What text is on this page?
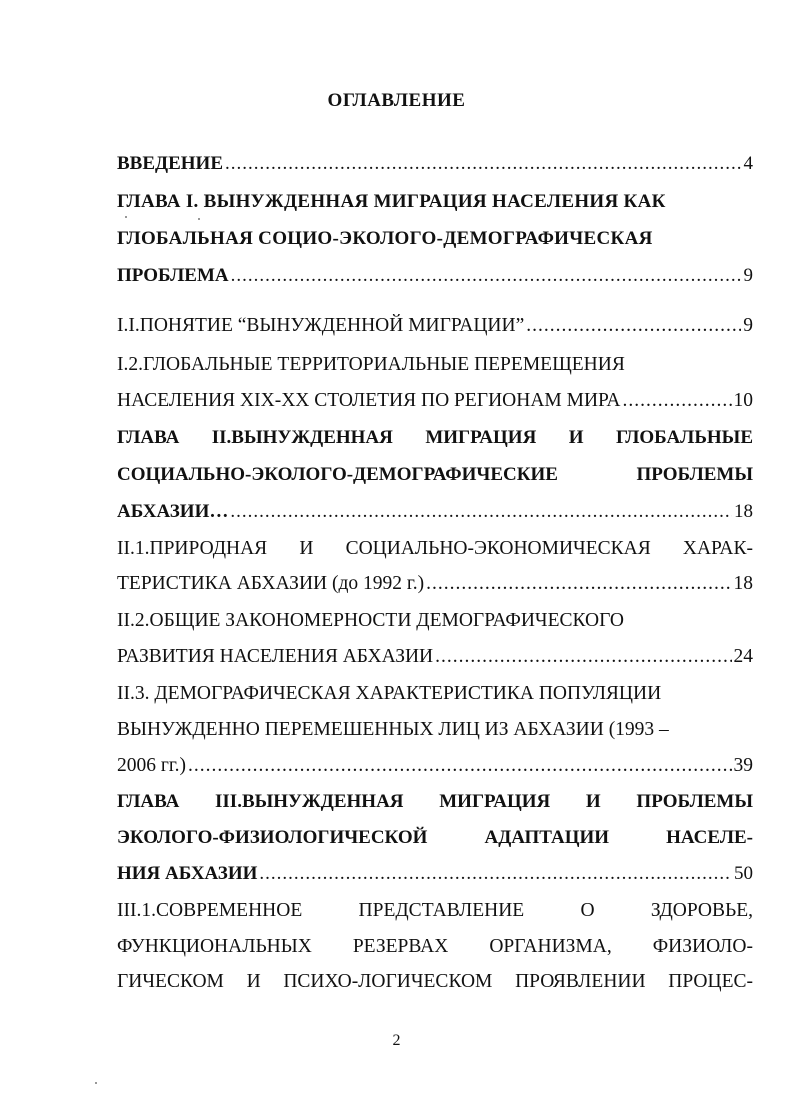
ОГЛАВЛЕНИЕ
ВВЕДЕНИЕ .....	4
ГЛАВА I. ВЫНУЖДЕННАЯ МИГРАЦИЯ НАСЕЛЕНИЯ КАК
ГЛОБАЛЬНАЯ СОЦИО-ЭКОЛОГО-ДЕМОГРАФИЧЕСКАЯ
ПРОБЛЕМА .....	9
I.I.ПОНЯТИЕ “ВЫНУЖДЕННОЙ МИГРАЦИИ” .....	9
I.2.ГЛОБАЛЬНЫЕ ТЕРРИТОРИАЛЬНЫЕ ПЕРЕМЕЩЕНИЯ
НАСЕЛЕНИЯ XIX-XX СТОЛЕТИЯ ПО РЕГИОНАМ МИРА .....	10
ГЛАВА II.ВЫНУЖДЕННАЯ МИГРАЦИЯ И ГЛОБАЛЬНЫЕ
СОЦИАЛЬНО-ЭКОЛОГО-ДЕМОГРАФИЧЕСКИЕ ПРОБЛЕМЫ
АБХАЗИИ… .....	18
II.1.ПРИРОДНАЯ И СОЦИАЛЬНО-ЭКОНОМИЧЕСКАЯ ХАРАК-
ТЕРИСТИКА АБХАЗИИ (до 1992 г.) .....	18
II.2.ОБЩИЕ ЗАКОНОМЕРНОСТИ ДЕМОГРАФИЧЕСКОГО
РАЗВИТИЯ НАСЕЛЕНИЯ АБХАЗИИ .....	24
II.3. ДЕМОГРАФИЧЕСКАЯ ХАРАКТЕРИСТИКА ПОПУЛЯЦИИ
ВЫНУЖДЕННО ПЕРЕМЕШЕННЫХ ЛИЦ ИЗ АБХАЗИИ (1993 –
2006 гг.) .....	39
ГЛАВА III.ВЫНУЖДЕННАЯ МИГРАЦИЯ И ПРОБЛЕМЫ
ЭКОЛОГО-ФИЗИОЛОГИЧЕСКОЙ АДАПТАЦИИ НАСЕЛЕ-
НИЯ АБХАЗИИ .....	50
III.1.СОВРЕМЕННОЕ ПРЕДСТАВЛЕНИЕ О ЗДОРОВЬЕ,
ФУНКЦИОНАЛЬНЫХ РЕЗЕРВАХ ОРГАНИЗМА, ФИЗИОЛО-
ГИЧЕСКОМ И ПСИХО-ЛОГИЧЕСКОМ ПРОЯВЛЕНИИ ПРОЦЕС-
2
